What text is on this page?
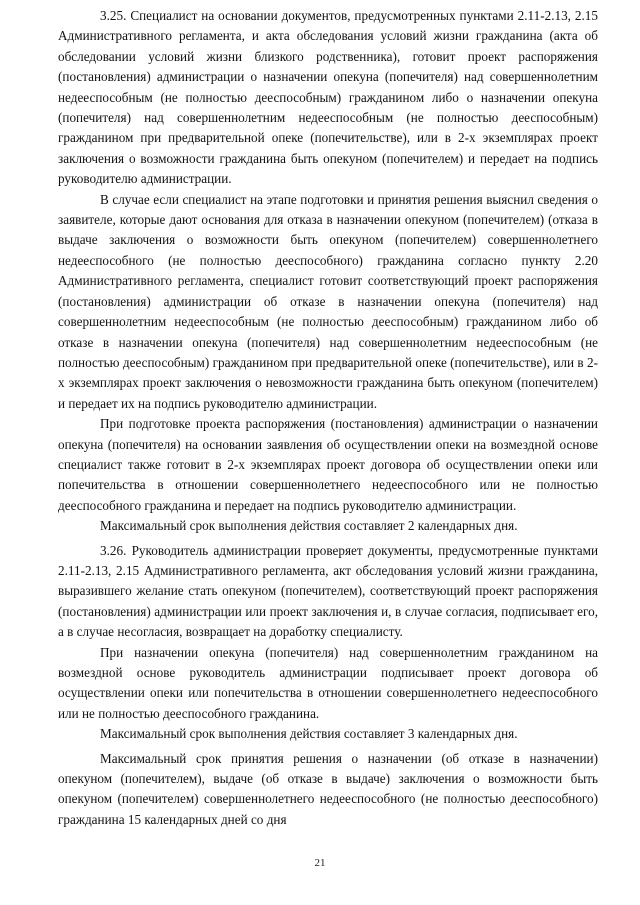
3.25. Специалист на основании документов, предусмотренных пунктами 2.11-2.13, 2.15 Административного регламента, и акта обследования условий жизни гражданина (акта об обследовании условий жизни близкого родственника), готовит проект распоряжения (постановления) администрации о назначении опекуна (попечителя) над совершеннолетним недееспособным (не полностью дееспособным) гражданином либо о назначении опекуна (попечителя) над совершеннолетним недееспособным (не полностью дееспособным) гражданином при предварительной опеке (попечительстве), или в 2-х экземплярах проект заключения о возможности гражданина быть опекуном (попечителем) и передает на подпись руководителю администрации.

В случае если специалист на этапе подготовки и принятия решения выяснил сведения о заявителе, которые дают основания для отказа в назначении опекуном (попечителем) (отказа в выдаче заключения о возможности быть опекуном (попечителем) совершеннолетнего недееспособного (не полностью дееспособного) гражданина согласно пункту 2.20 Административного регламента, специалист готовит соответствующий проект распоряжения (постановления) администрации об отказе в назначении опекуна (попечителя) над совершеннолетним недееспособным (не полностью дееспособным) гражданином либо об отказе в назначении опекуна (попечителя) над совершеннолетним недееспособным (не полностью дееспособным) гражданином при предварительной опеке (попечительстве), или в 2-х экземплярах проект заключения о невозможности гражданина быть опекуном (попечителем) и передает их на подпись руководителю администрации.

При подготовке проекта распоряжения (постановления) администрации о назначении опекуна (попечителя) на основании заявления об осуществлении опеки на возмездной основе специалист также готовит в 2-х экземплярах проект договора об осуществлении опеки или попечительства в отношении совершеннолетнего недееспособного или не полностью дееспособного гражданина и передает на подпись руководителю администрации.

Максимальный срок выполнения действия составляет 2 календарных дня.

3.26. Руководитель администрации проверяет документы, предусмотренные пунктами 2.11-2.13, 2.15 Административного регламента, акт обследования условий жизни гражданина, выразившего желание стать опекуном (попечителем), соответствующий проект распоряжения (постановления) администрации или проект заключения и, в случае согласия, подписывает его, а в случае несогласия, возвращает на доработку специалисту.

При назначении опекуна (попечителя) над совершеннолетним гражданином на возмездной основе руководитель администрации подписывает проект договора об осуществлении опеки или попечительства в отношении совершеннолетнего недееспособного или не полностью дееспособного гражданина.

Максимальный срок выполнения действия составляет 3 календарных дня.

Максимальный срок принятия решения о назначении (об отказе в назначении) опекуном (попечителем), выдаче (об отказе в выдаче) заключения о возможности быть опекуном (попечителем) совершеннолетнего недееспособного (не полностью дееспособного) гражданина 15 календарных дней со дня

21
